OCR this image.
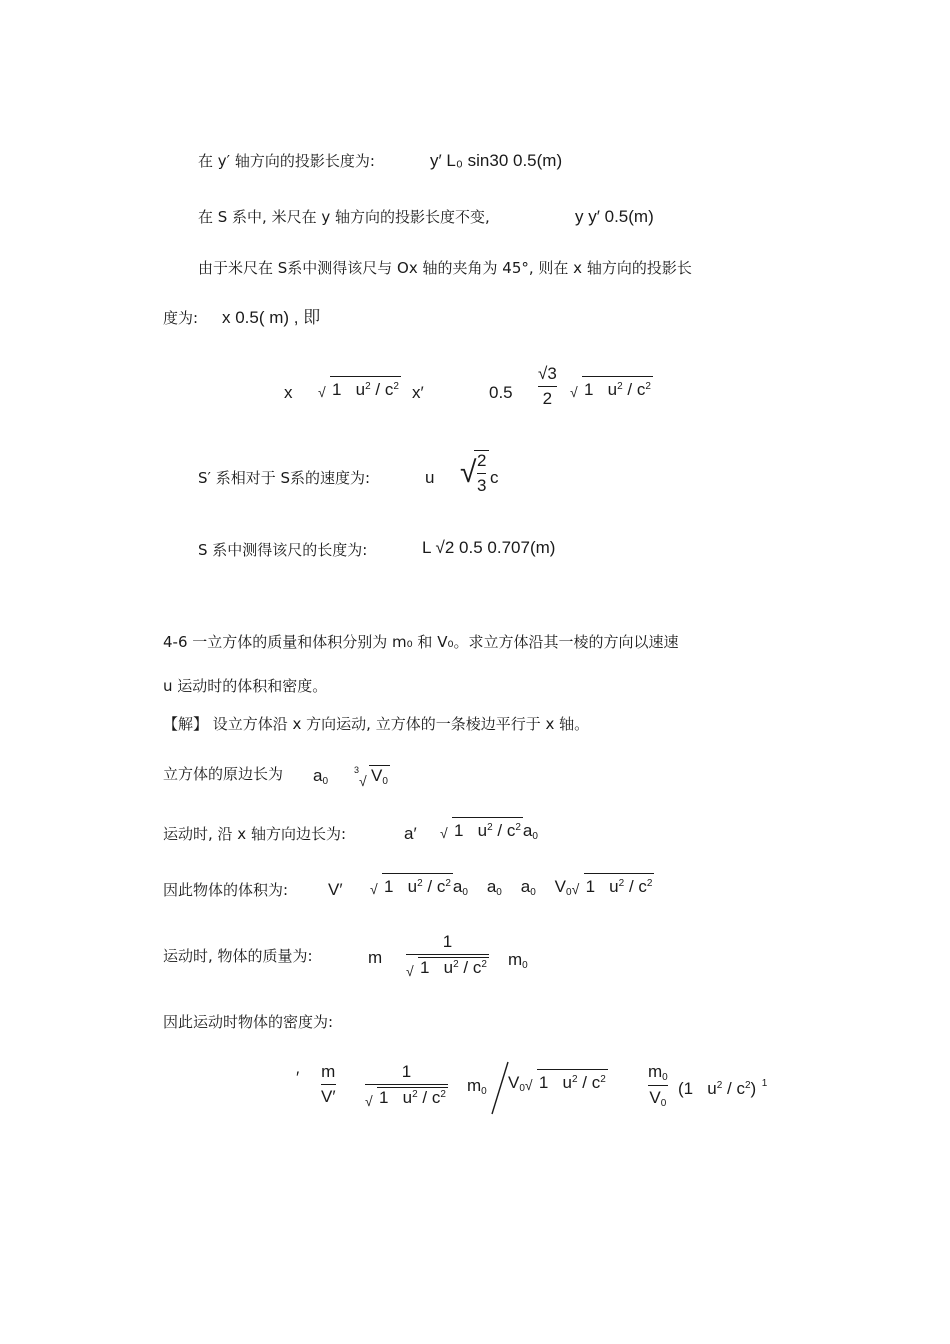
在 y′ 轴方向的投影长度为:	y′ L₀ sin30 0.5(m)
在 S 系中, 米尺在 y 轴方向的投影长度不变,	y y′ 0.5(m)
由于米尺在 S系中测得该尺与 Ox 轴的夹角为 45°, 则在 x 轴方向的投影长
度为: x 0.5( m) , 即
x √ 1   $u^2 / c^2$ x′	0.5
√3
2 √ 1   $u^2 / c^2$
S′ 系相对于 S系的速度为:	u √ 2
3 c
S 系中测得该尺的长度为:	L √2 0.5 0.707(m)
4-6 一立方体的质量和体积分别为 m₀ 和 V₀。求立方体沿其一棱的方向以速速
u 运动时的体积和密度。
【解】 设立方体沿 x 方向运动, 立方体的一条棱边平行于 x 轴。
立方体的原边长为 $a_0$
$^3$
√ $V_0$
运动时, 沿 x 轴方向边长为:	a′ √ 1   $u^2 / c^2$ $a_0$
因此物体的体积为: V′ √ 1   $u^2 / c^2$ $a_0$    $a_0$    $a_0$    $V_0$ √ 1   $u^2 / c^2$
运动时, 物体的质量为:	m
1
√ 1   $u^2 / c^2$ $m_0$
因此运动时物体的密度为:
′ m
V′
1
√ 1   $u^2 / c^2$ $m_0$ $V_0$ √ 1   $u^2 / c^2$ $m_0$
$V_0$
(1   $u^2 / c^2$)  $^1$
